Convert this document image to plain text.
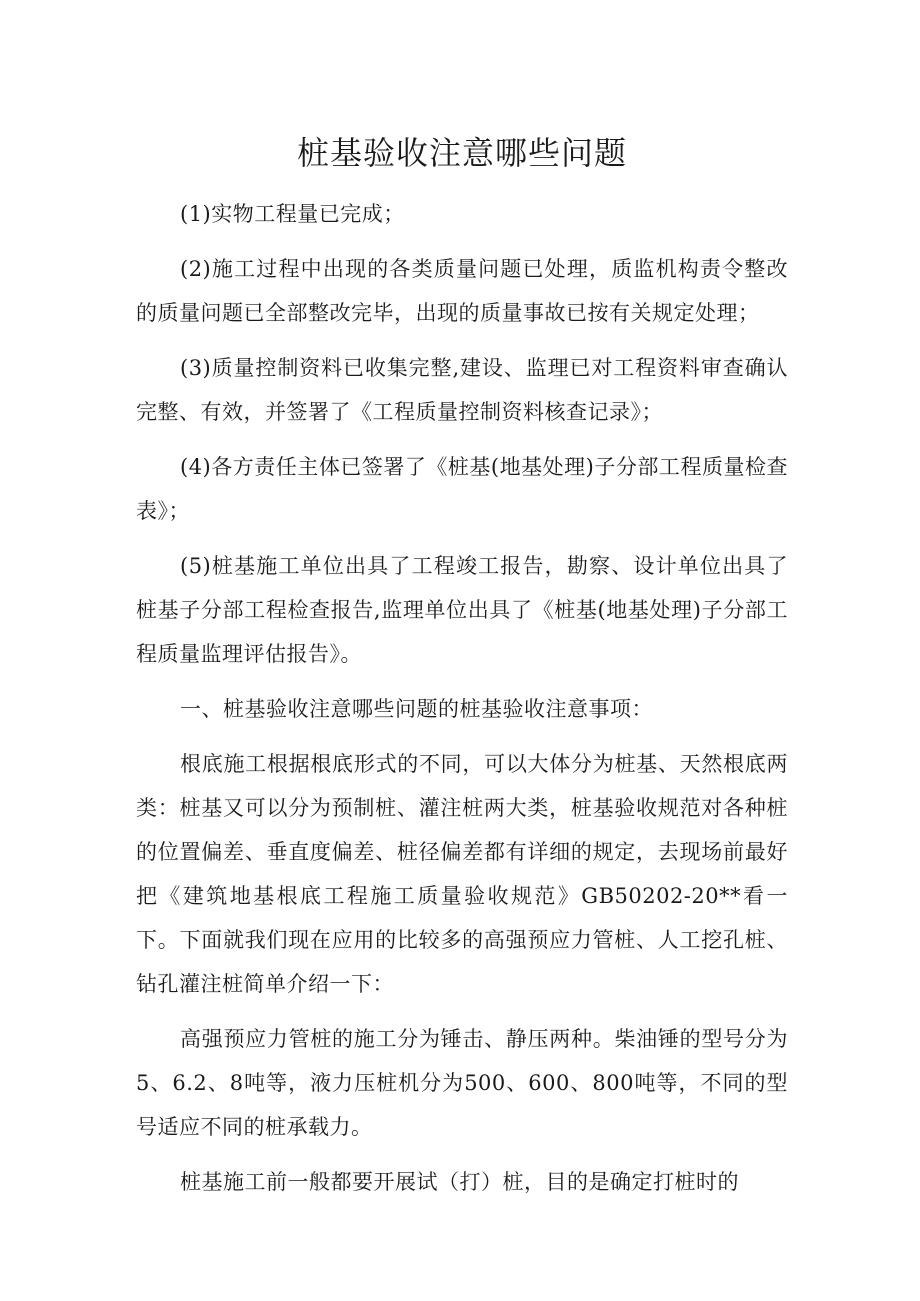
桩基验收注意哪些问题

(1)实物工程量已完成；

(2)施工过程中出现的各类质量问题已处理，质监机构责令整改的质量问题已全部整改完毕，出现的质量事故已按有关规定处理；

(3)质量控制资料已收集完整,建设、监理已对工程资料审查确认完整、有效，并签署了《工程质量控制资料核查记录》；

(4)各方责任主体已签署了《桩基(地基处理)子分部工程质量检查表》；

(5)桩基施工单位出具了工程竣工报告，勘察、设计单位出具了桩基子分部工程检查报告,监理单位出具了《桩基(地基处理)子分部工程质量监理评估报告》。

一、桩基验收注意哪些问题的桩基验收注意事项：

根底施工根据根底形式的不同，可以大体分为桩基、天然根底两类：桩基又可以分为预制桩、灌注桩两大类，桩基验收规范对各种桩的位置偏差、垂直度偏差、桩径偏差都有详细的规定，去现场前最好把《建筑地基根底工程施工质量验收规范》GB50202-20**看一下。下面就我们现在应用的比较多的高强预应力管桩、人工挖孔桩、钻孔灌注桩简单介绍一下：

高强预应力管桩的施工分为锤击、静压两种。柴油锤的型号分为5、6.2、8吨等，液力压桩机分为500、600、800吨等，不同的型号适应不同的桩承载力。

桩基施工前一般都要开展试（打）桩，目的是确定打桩时的
